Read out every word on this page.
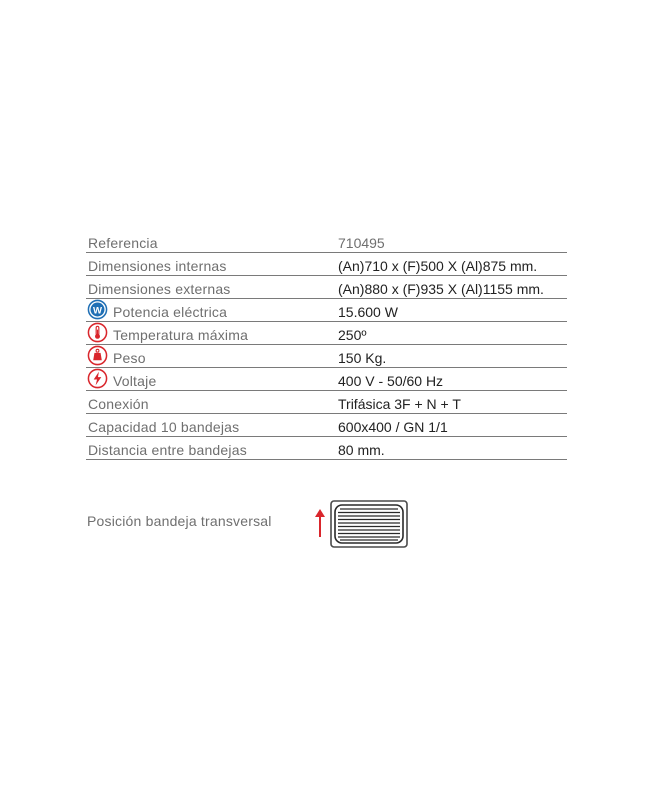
Referencia	710495
Dimensiones internas	(An)710 x (F)500 X (Al)875 mm.
Dimensiones externas	(An)880 x (F)935 X (Al)1155 mm.
W Potencia eléctrica	15.600 W
Temperatura máxima	250º
Peso	150 Kg.
Voltaje	400 V - 50/60 Hz
Conexión	Trifásica 3F + N + T
Capacidad 10 bandejas	600x400 / GN 1/1
Distancia entre bandejas	80 mm.
Posición bandeja transversal
